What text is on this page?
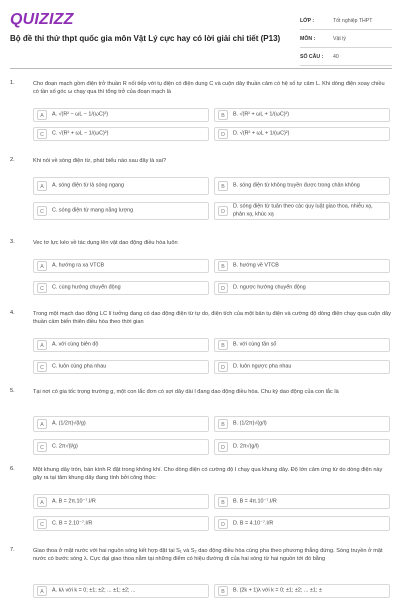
QUIZIZZ
Bộ đề thi thử thpt quốc gia môn Vật Lý cực hay có lời giải chi tiết (P13)
LỚP :	Tốt nghiệp THPT
MÔN :	Vật lý
SỐ CÂU :	40
1.	Cho đoạn mạch gồm điện trở thuần R nối tiếp với tụ điện có điện dung C và cuộn dây thuần cảm có hệ số tự cảm L. Khi dòng điện xoay chiều có tần số góc ω chạy qua thì tổng trở của đoạn mạch là
A	A. √(R² − ωL − 1/(ωC)²)	B	B. √(R² + ωL + 1/(ωC)²)
C	C. √(R² + ωL − 1/(ωC)²)	D	D. √(R² + ωL + 1/(ωC)²)
2.	Khi nói về sóng điện từ, phát biểu nào sau đây là sai?
A	A. sóng điện từ là sóng ngang	B	B. sóng điện từ không truyền được trong chân không
C	C. sóng điện từ mang năng lượng	D
D. sóng điện từ tuân theo các quy luật giao thoa, nhiễu xạ, phản xạ, khúc xạ
3.	Vec tơ lực kéo về tác dụng lên vật dao động điều hòa luôn
A	A. hướng ra xa VTCB	B	B. hướng về VTCB
C	C. cùng hướng chuyển động	D	D. ngược hướng chuyển động
4.	Trong một mạch dao động LC lí tưởng đang có dao động điện từ tự do, điện tích của một bản tụ điện và cường độ dòng điện chạy qua cuộn dây thuần cảm biến thiên điều hòa theo thời gian
A	A. với cùng biên độ	B	B. với cùng tần số
C	C. luôn cùng pha nhau	D	D. luôn ngược pha nhau
5.	Tại nơi có gia tốc trọng trường g, một con lắc đơn có sợi dây dài l đang dao động điều hòa. Chu kỳ dao động của con lắc là
A	A. (1/2π)√(l/g)	B	B. (1/2π)√(g/l)
C	C. 2π√(l/g)	D	D. 2π√(g/l)
6.	Một khung dây tròn, bán kính R đặt trong không khí. Cho dòng điện có cường độ I chạy qua khung dây. Độ lớn cảm ứng từ do dòng điện này gây ra tại tâm khung dây đang tính bởi công thức:
A	A. B = 2π.10⁻⁷.I/R	B	B. B = 4π.10⁻⁷.I/R
C	C. B = 2.10⁻⁷.I/R	D	D. B = 4.10⁻⁷.I/R
7.	Giao thoa ở mặt nước với hai nguồn sóng kết hợp đặt tại S₁ và S₂ dao động điều hòa cùng pha theo phương thẳng đứng. Sóng truyền ở mặt nước có bước sóng λ. Cực đại giao thoa nằm tại những điểm có hiệu đường đi của hai sóng từ hai nguồn tới đó bằng
A	A. kλ với k = 0; ±1; ±2; ... ±1; ±2; ...	B	B. (2k + 1)λ với k = 0; ±1; ±2; ... ±1; ±
